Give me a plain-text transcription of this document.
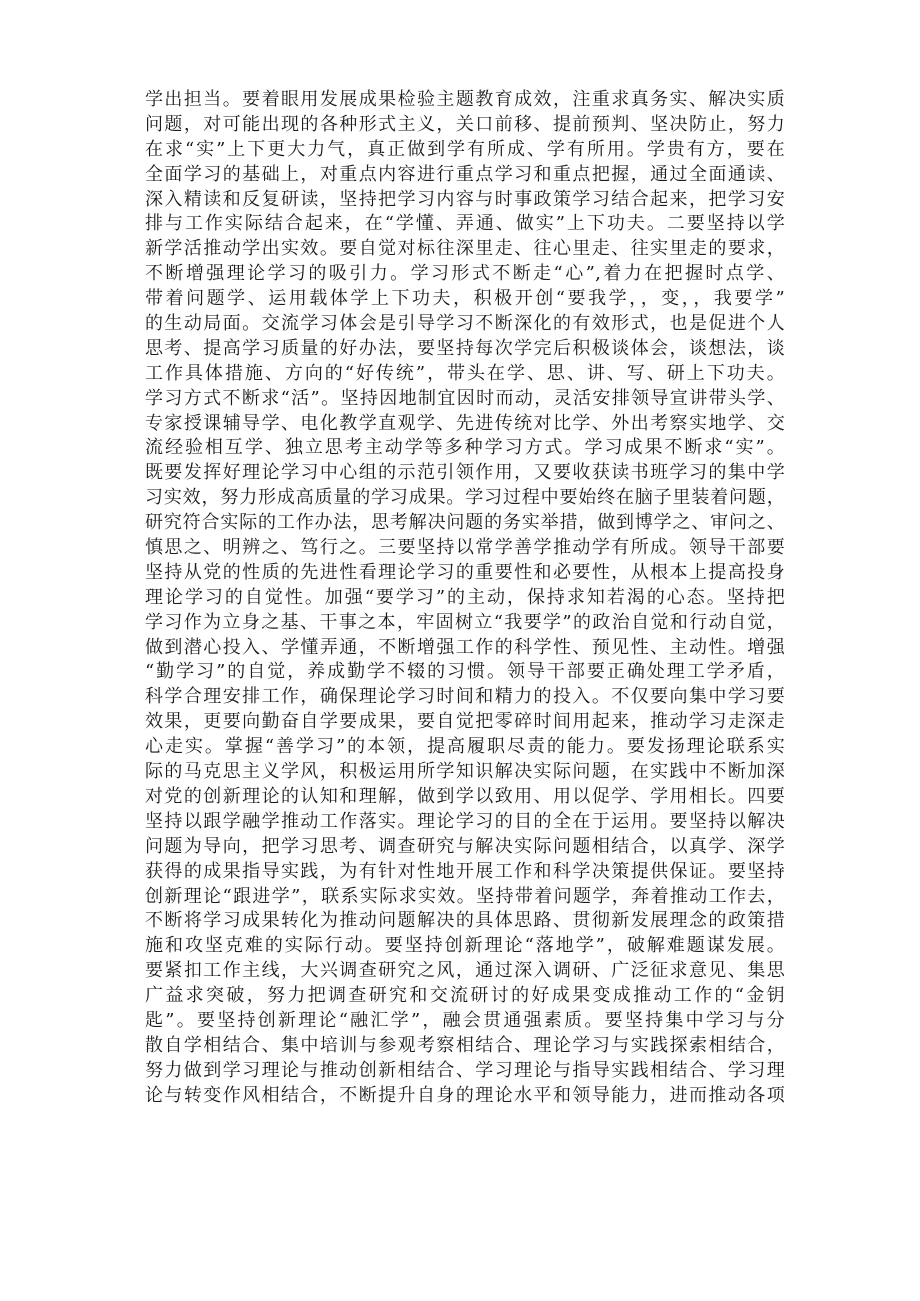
学出担当。要着眼用发展成果检验主题教育成效，注重求真务实、解决实质
问题，对可能出现的各种形式主义，关口前移、提前预判、坚决防止，努力
在求“实”上下更大力气，真正做到学有所成、学有所用。学贵有方，要在
全面学习的基础上，对重点内容进行重点学习和重点把握，通过全面通读、
深入精读和反复研读，坚持把学习内容与时事政策学习结合起来，把学习安
排与工作实际结合起来，在“学懂、弄通、做实”上下功夫。二要坚持以学
新学活推动学出实效。要自觉对标往深里走、往心里走、往实里走的要求，
不断增强理论学习的吸引力。学习形式不断走“心”,着力在把握时点学、
带着问题学、运用载体学上下功夫，积极开创“要我学，，变，，我要学”
的生动局面。交流学习体会是引导学习不断深化的有效形式，也是促进个人
思考、提高学习质量的好办法，要坚持每次学完后积极谈体会，谈想法，谈
工作具体措施、方向的“好传统”，带头在学、思、讲、写、研上下功夫。
学习方式不断求“活”。坚持因地制宜因时而动，灵活安排领导宣讲带头学、
专家授课辅导学、电化教学直观学、先进传统对比学、外出考察实地学、交
流经验相互学、独立思考主动学等多种学习方式。学习成果不断求“实”。
既要发挥好理论学习中心组的示范引领作用，又要收获读书班学习的集中学
习实效，努力形成高质量的学习成果。学习过程中要始终在脑子里装着问题，
研究符合实际的工作办法，思考解决问题的务实举措，做到博学之、审问之、
慎思之、明辨之、笃行之。三要坚持以常学善学推动学有所成。领导干部要
坚持从党的性质的先进性看理论学习的重要性和必要性，从根本上提高投身
理论学习的自觉性。加强“要学习”的主动，保持求知若渴的心态。坚持把
学习作为立身之基、干事之本，牢固树立“我要学”的政治自觉和行动自觉，
做到潜心投入、学懂弄通，不断增强工作的科学性、预见性、主动性。增强
“勤学习”的自觉，养成勤学不辍的习惯。领导干部要正确处理工学矛盾，
科学合理安排工作，确保理论学习时间和精力的投入。不仅要向集中学习要
效果，更要向勤奋自学要成果，要自觉把零碎时间用起来，推动学习走深走
心走实。掌握“善学习”的本领，提高履职尽责的能力。要发扬理论联系实
际的马克思主义学风，积极运用所学知识解决实际问题，在实践中不断加深
对党的创新理论的认知和理解，做到学以致用、用以促学、学用相长。四要
坚持以跟学融学推动工作落实。理论学习的目的全在于运用。要坚持以解决
问题为导向，把学习思考、调查研究与解决实际问题相结合，以真学、深学
获得的成果指导实践，为有针对性地开展工作和科学决策提供保证。要坚持
创新理论“跟进学”，联系实际求实效。坚持带着问题学，奔着推动工作去，
不断将学习成果转化为推动问题解决的具体思路、贯彻新发展理念的政策措
施和攻坚克难的实际行动。要坚持创新理论“落地学”，破解难题谋发展。
要紧扣工作主线，大兴调查研究之风，通过深入调研、广泛征求意见、集思
广益求突破，努力把调查研究和交流研讨的好成果变成推动工作的“金钥
匙”。要坚持创新理论“融汇学”，融会贯通强素质。要坚持集中学习与分
散自学相结合、集中培训与参观考察相结合、理论学习与实践探索相结合，
努力做到学习理论与推动创新相结合、学习理论与指导实践相结合、学习理
论与转变作风相结合，不断提升自身的理论水平和领导能力，进而推动各项
